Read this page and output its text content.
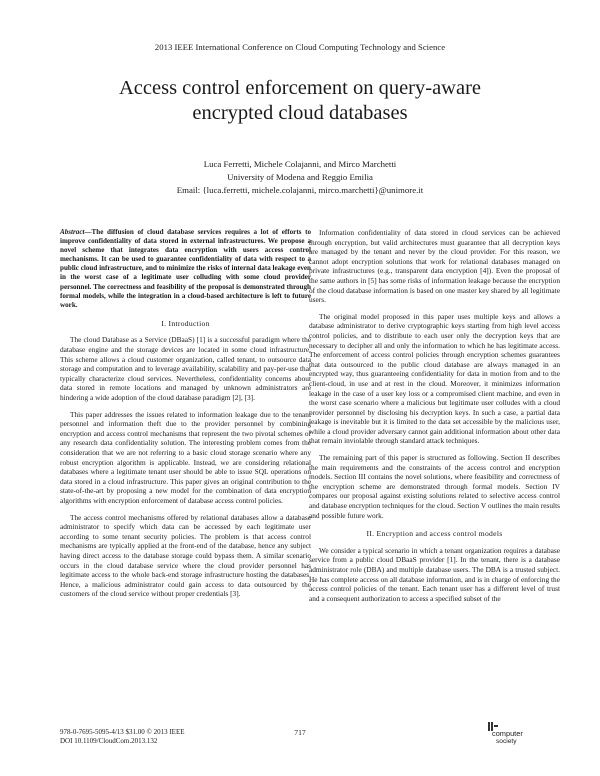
2013 IEEE International Conference on Cloud Computing Technology and Science
Access control enforcement on query-aware
encrypted cloud databases
Luca Ferretti, Michele Colajanni, and Mirco Marchetti
University of Modena and Reggio Emilia
Email: {luca.ferretti, michele.colajanni, mirco.marchetti}@unimore.it

Abstract—The diffusion of cloud database services requires a lot of efforts to improve confidentiality of data stored in external infrastructures. We propose a novel scheme that integrates data encryption with users access control mechanisms. It can be used to guarantee confidentiality of data with respect to a public cloud infrastructure, and to minimize the risks of internal data leakage even in the worst case of a legitimate user colluding with some cloud provider personnel. The correctness and feasibility of the proposal is demonstrated through formal models, while the integration in a cloud-based architecture is left to future work.

I. Introduction

The cloud Database as a Service (DBaaS) [1] is a successful paradigm where the database engine and the storage devices are located in some cloud infrastructure. This scheme allows a cloud customer organization, called tenant, to outsource data storage and computation and to leverage availability, scalability and pay-per-use that typically characterize cloud services. Nevertheless, confidentiality concerns about data stored in remote locations and managed by unknown administrators are hindering a wide adoption of the cloud database paradigm [2], [3].

This paper addresses the issues related to information leakage due to the tenant personnel and information theft due to the provider personnel by combining encryption and access control mechanisms that represent the two pivotal schemes of any research data confidentiality solution. The interesting problem comes from the consideration that we are not referring to a basic cloud storage scenario where any robust encryption algorithm is applicable. Instead, we are considering relational databases where a legitimate tenant user should be able to issue SQL operations on data stored in a cloud infrastructure. This paper gives an original contribution to the state-of-the-art by proposing a new model for the combination of data encryption algorithms with encryption enforcement of database access control policies.

The access control mechanisms offered by relational databases allow a database administrator to specify which data can be accessed by each legitimate user according to some tenant security policies. The problem is that access control mechanisms are typically applied at the front-end of the database, hence any subject having direct access to the database storage could bypass them. A similar scenario occurs in the cloud database service where the cloud provider personnel has legitimate access to the whole back-end storage infrastructure hosting the databases. Hence, a malicious administrator could gain access to data outsourced by the customers of the cloud service without proper credentials [3].

Information confidentiality of data stored in cloud services can be achieved through encryption, but valid architectures must guarantee that all decryption keys are managed by the tenant and never by the cloud provider. For this reason, we cannot adopt encryption solutions that work for relational databases managed on private infrastructures (e.g., transparent data encryption [4]). Even the proposal of the same authors in [5] has some risks of information leakage because the encryption of the cloud database information is based on one master key shared by all legitimate users.

The original model proposed in this paper uses multiple keys and allows a database administrator to derive cryptographic keys starting from high level access control policies, and to distribute to each user only the decryption keys that are necessary to decipher all and only the information to which he has legitimate access. The enforcement of access control policies through encryption schemes guarantees that data outsourced to the public cloud database are always managed in an encrypted way, thus guaranteeing confidentiality for data in motion from and to the client-cloud, in use and at rest in the cloud. Moreover, it minimizes information leakage in the case of a user key loss or a compromised client machine, and even in the worst case scenario where a malicious but legitimate user colludes with a cloud provider personnel by disclosing his decryption keys. In such a case, a partial data leakage is inevitable but it is limited to the data set accessible by the malicious user, while a cloud provider adversary cannot gain additional information about other data that remain inviolable through standard attack techniques.

The remaining part of this paper is structured as following. Section II describes the main requirements and the constraints of the access control and encryption models. Section III contains the novel solutions, where feasibility and correctness of the encryption scheme are demonstrated through formal models. Section IV compares our proposal against existing solutions related to selective access control and database encryption techniques for the cloud. Section V outlines the main results and possible future work.

II. Encryption and access control models

We consider a typical scenario in which a tenant organization requires a database service from a public cloud DBaaS provider [1]. In the tenant, there is a database administrator role (DBA) and multiple database users. The DBA is a trusted subject. He has complete access on all database information, and is in charge of enforcing the access control policies of the tenant. Each tenant user has a different level of trust and a consequent authorization to access a specified subset of the

978-0-7695-5095-4/13 $31.00 © 2013 IEEE
DOI 10.1109/CloudCom.2013.132
717	computer
society
